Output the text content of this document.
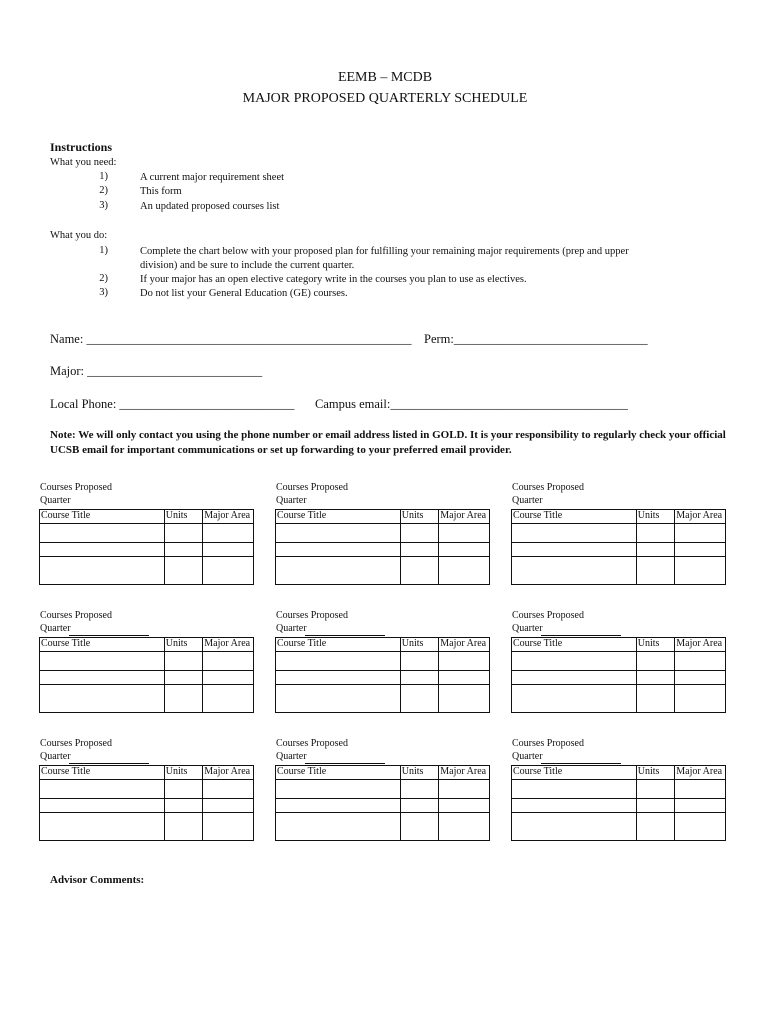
EEMB – MCDB
MAJOR PROPOSED QUARTERLY SCHEDULE
Instructions
What you need:
1)	A current major requirement sheet
2)	This form
3)	An updated proposed courses list
What you do:
1)	Complete the chart below with your proposed plan for fulfilling your remaining major requirements (prep and upper division) and be sure to include the current quarter.
2)	If your major has an open elective category write in the courses you plan to use as electives.
3)	Do not list your General Education (GE) courses.
Name: ____________________________________________________ Perm:_______________________________
Major: ____________________________
Local Phone: ____________________________ Campus email:______________________________________
Note: We will only contact you using the phone number or email address listed in GOLD. It is your responsibility to regularly check your official UCSB email for important communications or set up forwarding to your preferred email provider.
Courses Proposed
Quarter
Course Title	Units	Major Area

Courses Proposed
Quarter
Course Title	Units	Major Area

Courses Proposed
Quarter
Course Title	Units	Major Area

Courses Proposed
Quarter
Course Title	Units	Major Area

Courses Proposed
Quarter
Course Title	Units	Major Area

Courses Proposed
Quarter
Course Title	Units	Major Area

Courses Proposed
Quarter
Course Title	Units	Major Area

Courses Proposed
Quarter
Course Title	Units	Major Area

Courses Proposed
Quarter
Course Title	Units	Major Area

Advisor Comments:
